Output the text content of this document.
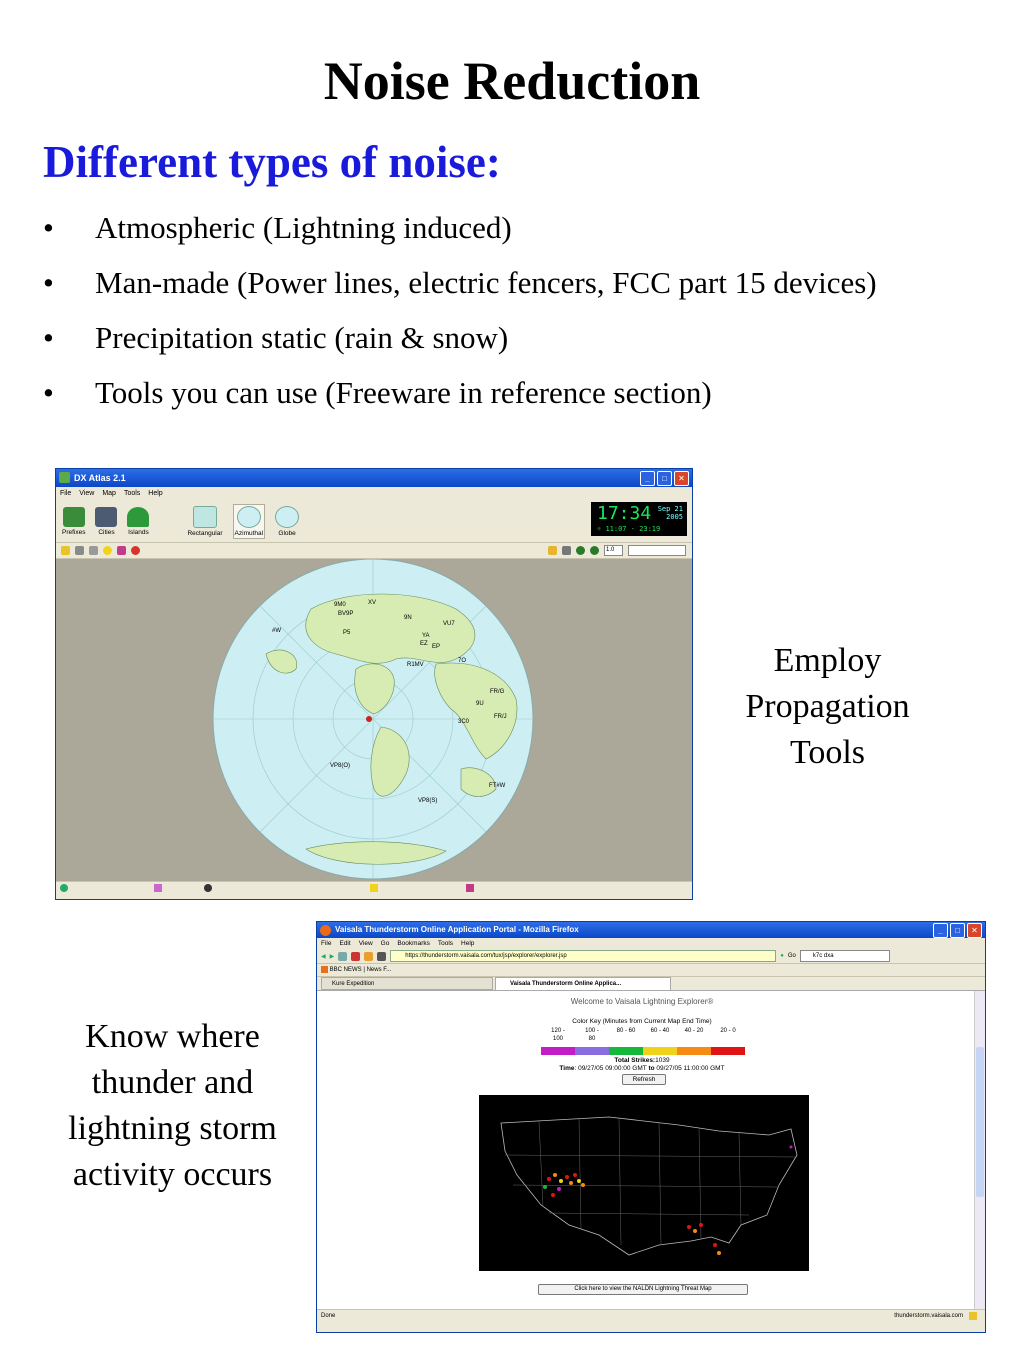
Noise Reduction
Different types of noise:
• Atmospheric (Lightning induced)
• Man-made (Power lines, electric fencers, FCC part 15 devices)
• Precipitation static (rain & snow)
• Tools you can use (Freeware in reference section)
Employ Propagation Tools
Know where thunder and lightning storm activity occurs
DX Atlas 2.1	_	□	✕
File View Map Tools Help
Prefixes Cities Islands	Rectangular Azimuthal Globe
17:34 Sep 21
2005
☼ 11:07 - 23:19
1.0
9M0	XV
BV9P
9N
VU7
P5	YA
EZ EP
R1MV
7O
FR/G
9U
FR/J
3C0
VP8(O)
FT#W
VP8(S)
#W
Vaisala Thunderstorm Online Application Portal - Mozilla Firefox	_	□	✕
File Edit View Go Bookmarks Tools Help
◀ ▶	https://thunderstorm.vaisala.com/tux/jsp/explorer/explorer.jsp	● Go	k7c dxa
BBC NEWS | News F...
Kure Expedition	Vaisala Thunderstorm Online Applica...
Welcome to Vaisala Lightning Explorer®
Color Key (Minutes from Current Map End Time)
120 -	100 -	80 - 60	60 - 40	40 - 20	20 - 0
100	80
Total Strikes:1039
Time: 09/27/05 09:00:00 GMT to 09/27/05 11:00:00 GMT
Refresh
Click here to view the NALDN Lightning Threat Map
Done	thunderstorm.vaisala.com
